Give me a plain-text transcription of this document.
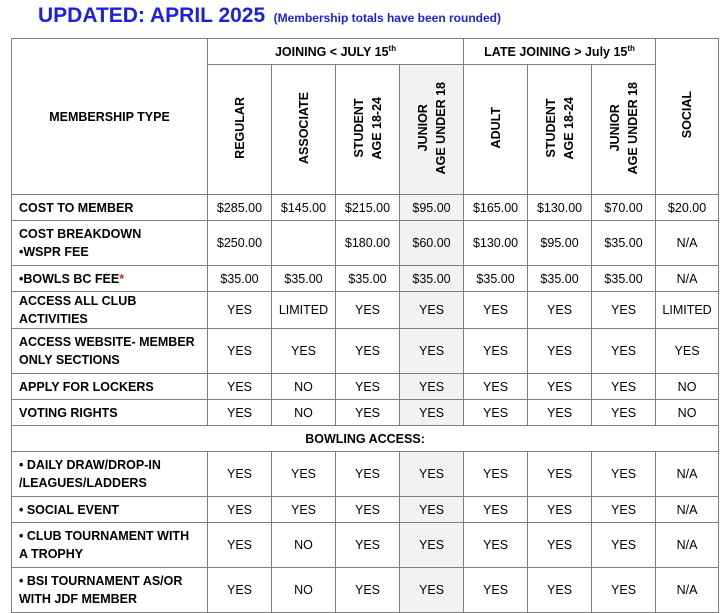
UPDATED: APRIL 2025 (Membership totals have been rounded)
MEMBERSHIP TYPE	JOINING < JULY 15th				LATE JOINING > July 15th			SOCIAL

	REGULAR	ASSOCIATE	STUDENT AGE 18-24	JUNIOR AGE UNDER 18	ADULT	STUDENT AGE 18-24	JUNIOR AGE UNDER 18	

COST TO MEMBER	$285.00	$145.00	$215.00	$95.00	$165.00	$130.00	$70.00	$20.00
COST BREAKDOWN
•WSPR FEE	$250.00		$180.00	$60.00	$130.00	$95.00	$35.00	N/A
•BOWLS BC FEE*	$35.00	$35.00	$35.00	$35.00	$35.00	$35.00	$35.00	N/A
ACCESS ALL CLUB ACTIVITIES	YES	LIMITED	YES	YES	YES	YES	YES	LIMITED
ACCESS WEBSITE- MEMBER
ONLY SECTIONS	YES	YES	YES	YES	YES	YES	YES	YES
APPLY FOR LOCKERS	YES	NO	YES	YES	YES	YES	YES	NO
VOTING RIGHTS	YES	NO	YES	YES	YES	YES	YES	NO
BOWLING ACCESS:								
• DAILY DRAW/DROP-IN
/LEAGUES/LADDERS	YES	YES	YES	YES	YES	YES	YES	N/A
• SOCIAL EVENT	YES	YES	YES	YES	YES	YES	YES	N/A
• CLUB TOURNAMENT WITH
A TROPHY	YES	NO	YES	YES	YES	YES	YES	N/A
• BSI TOURNAMENT AS/OR
WITH JDF MEMBER	YES	NO	YES	YES	YES	YES	YES	N/A
